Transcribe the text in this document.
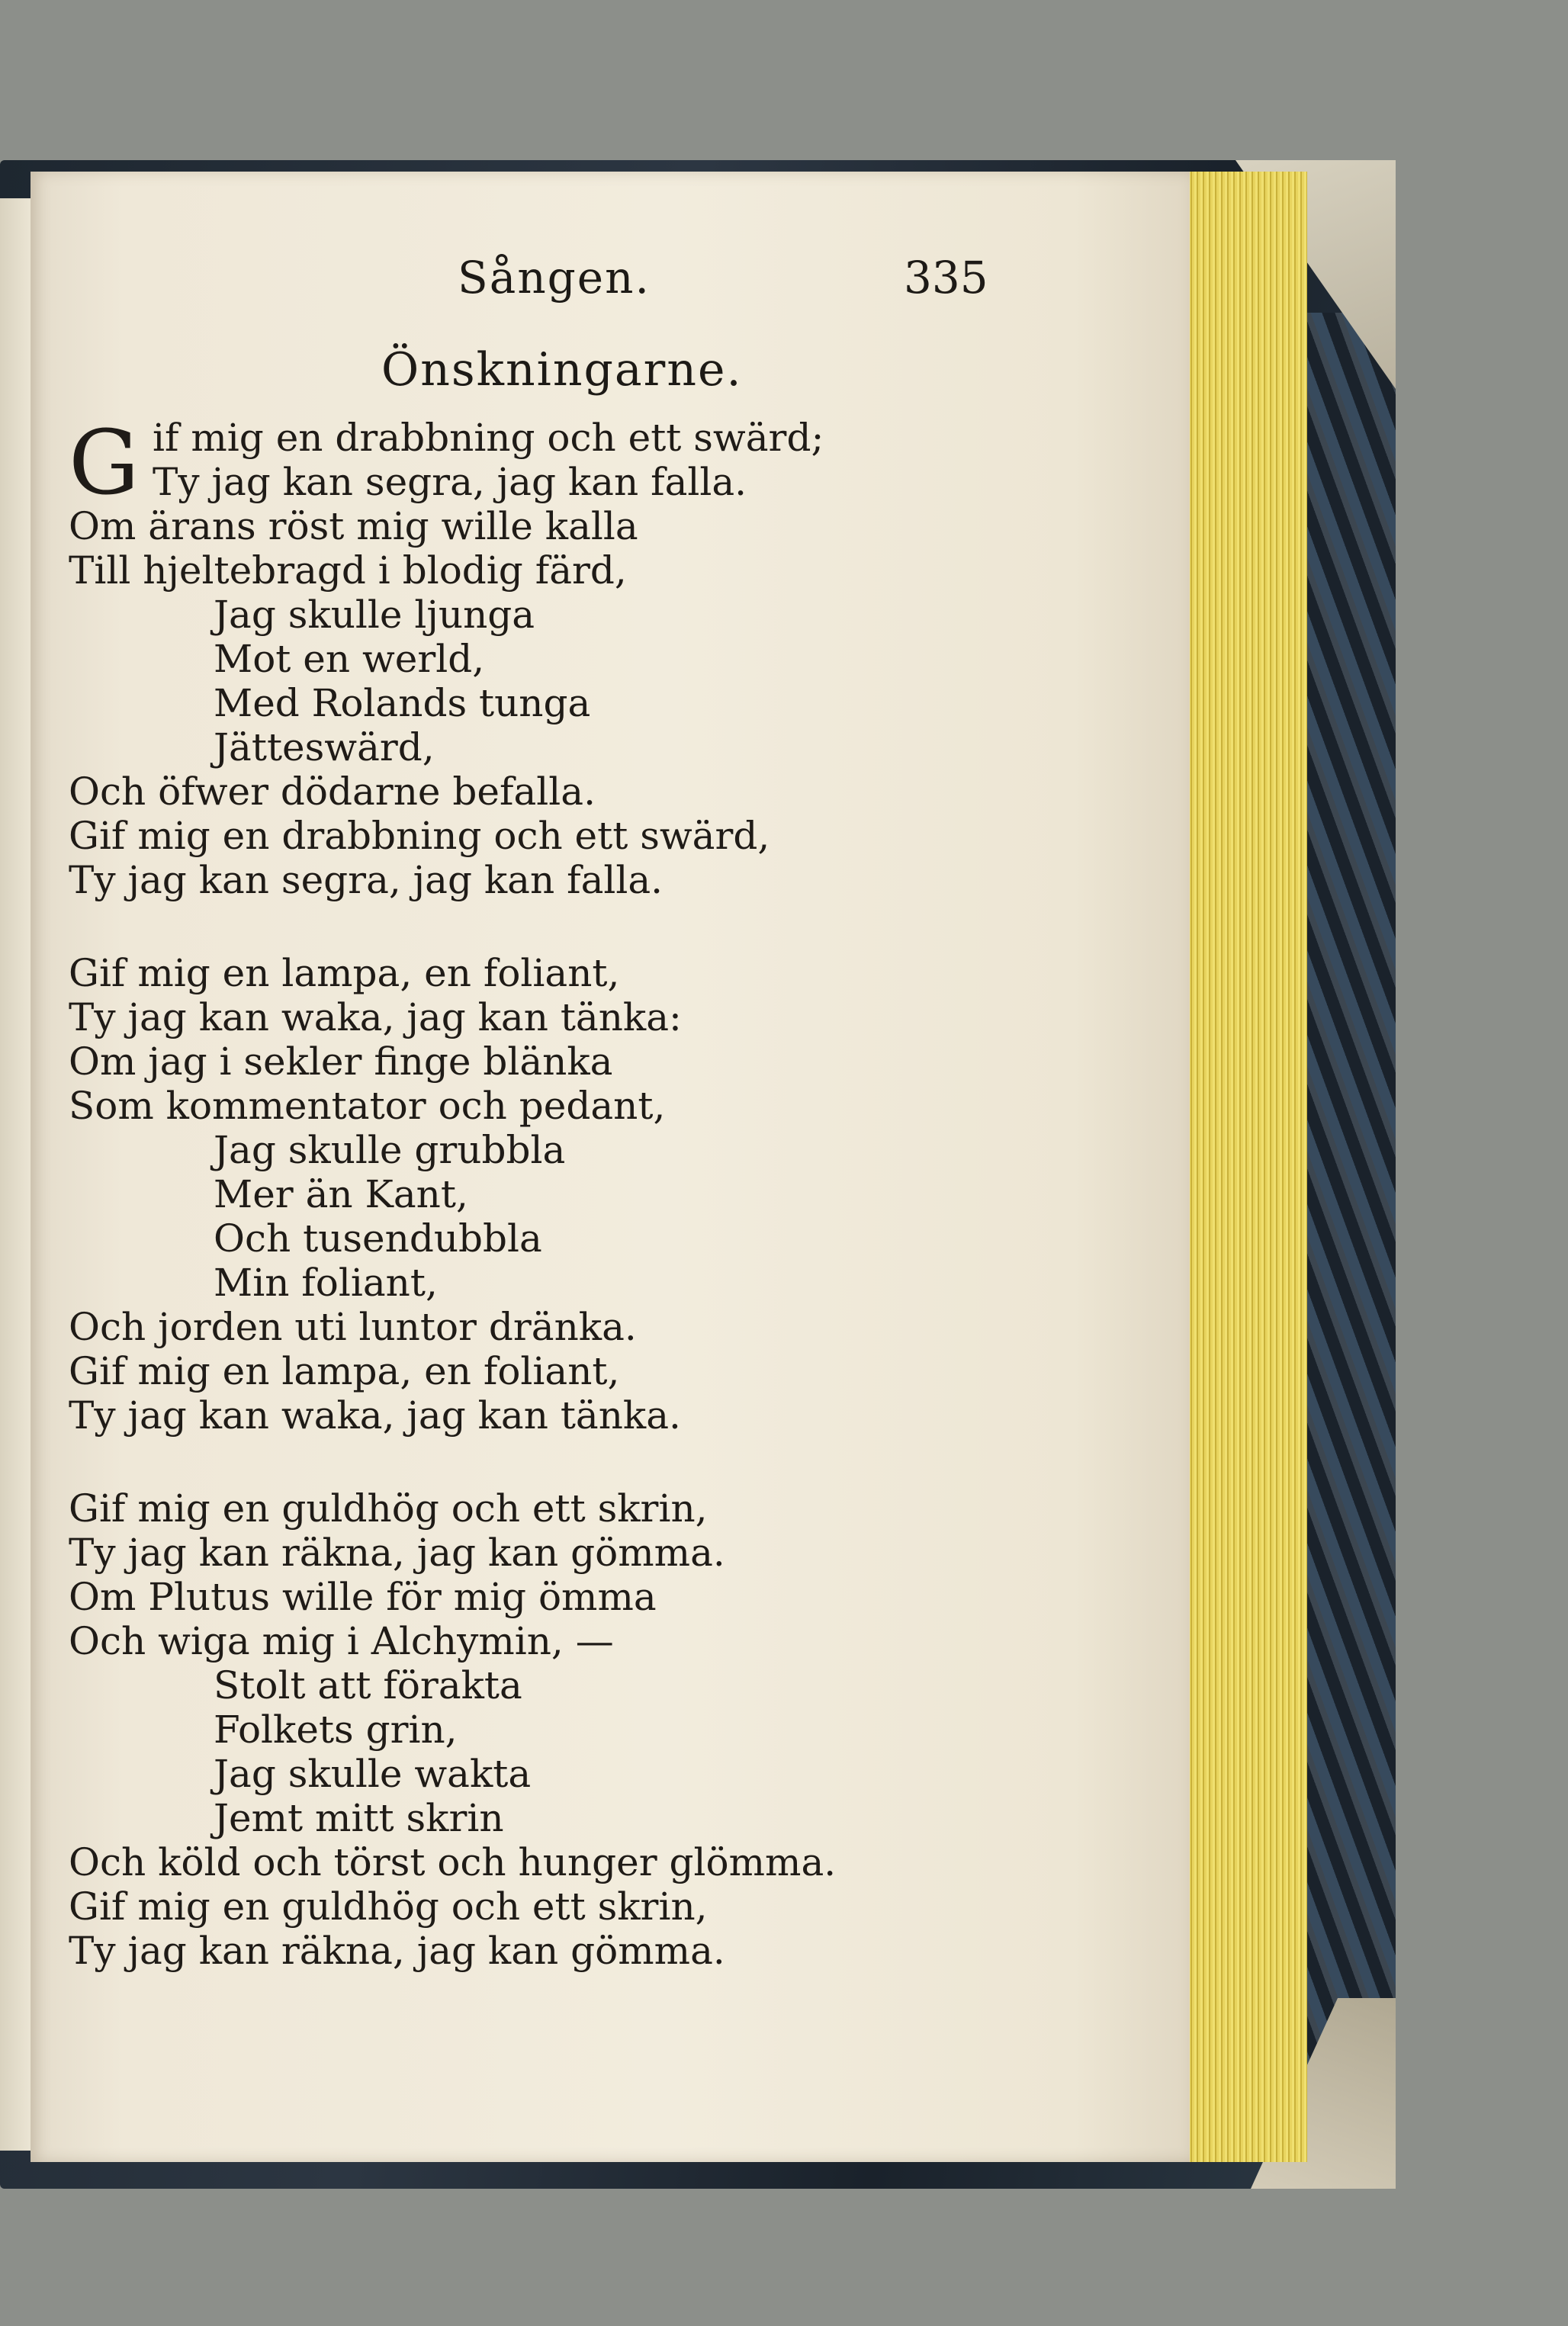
Sången.	335
Önskningarne.
G if mig en drabbning och ett swärd;
Ty jag kan segra, jag kan falla.
Om ärans röst mig wille kalla
Till hjeltebragd i blodig färd,
Jag skulle ljunga
Mot en werld,
Med Rolands tunga
Jätteswärd,
Och öfwer dödarne befalla.
Gif mig en drabbning och ett swärd,
Ty jag kan segra, jag kan falla.
Gif mig en lampa, en foliant,
Ty jag kan waka, jag kan tänka:
Om jag i sekler finge blänka
Som kommentator och pedant,
Jag skulle grubbla
Mer än Kant,
Och tusendubbla
Min foliant,
Och jorden uti luntor dränka.
Gif mig en lampa, en foliant,
Ty jag kan waka, jag kan tänka.
Gif mig en guldhög och ett skrin,
Ty jag kan räkna, jag kan gömma.
Om Plutus wille för mig ömma
Och wiga mig i Alchymin, —
Stolt att förakta
Folkets grin,
Jag skulle wakta
Jemt mitt skrin
Och köld och törst och hunger glömma.
Gif mig en guldhög och ett skrin,
Ty jag kan räkna, jag kan gömma.
